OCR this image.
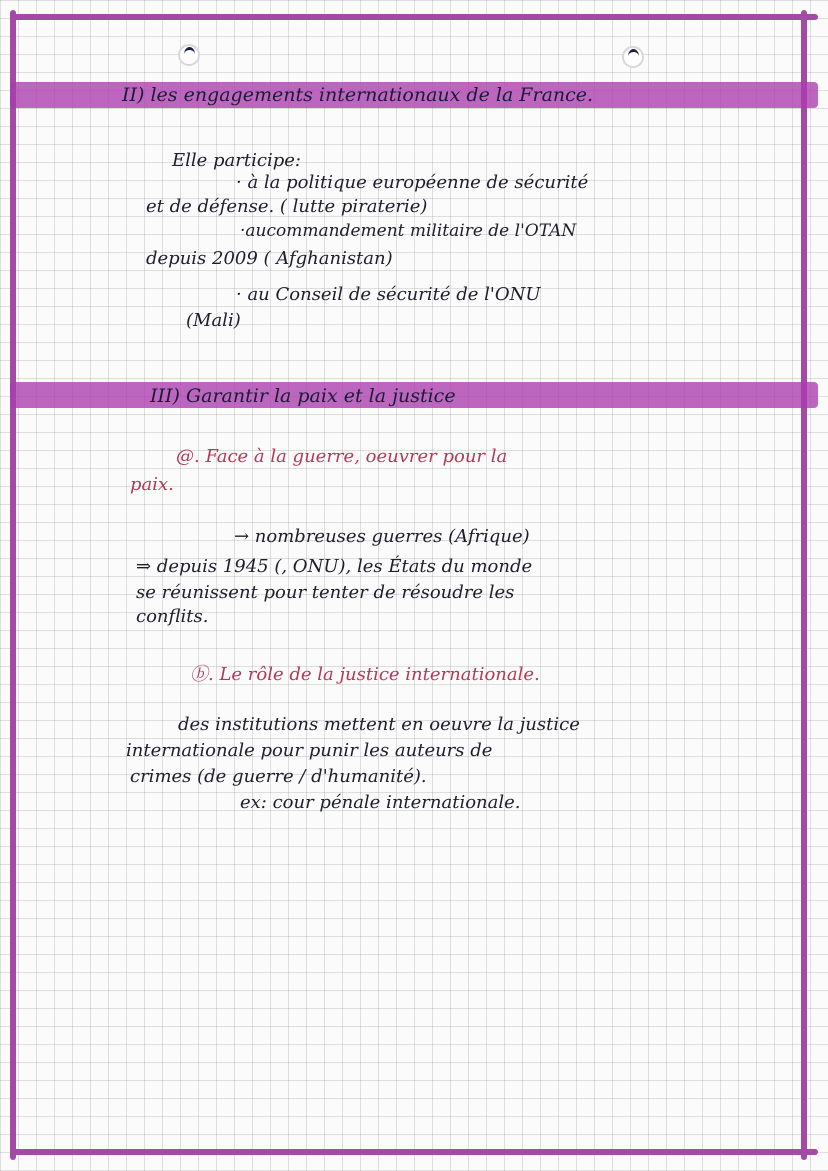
II) les engagements internationaux de la France.

Elle participe:

· à la politique européenne de sécurité

et de défense. ( lutte piraterie)

·aucommandement militaire de l'OTAN

depuis 2009 ( Afghanistan)

· au Conseil de sécurité de l'ONU

(Mali)

III) Garantir la paix et la justice

@. Face à la guerre, oeuvrer pour la

paix.

→ nombreuses guerres (Afrique)

⇒ depuis 1945 (, ONU), les États du monde

se réunissent pour tenter de résoudre les

conflits.

ⓑ. Le rôle de la justice internationale.

des institutions mettent en oeuvre la justice

internationale pour punir les auteurs de

crimes (de guerre / d'humanité).

ex: cour pénale internationale.
